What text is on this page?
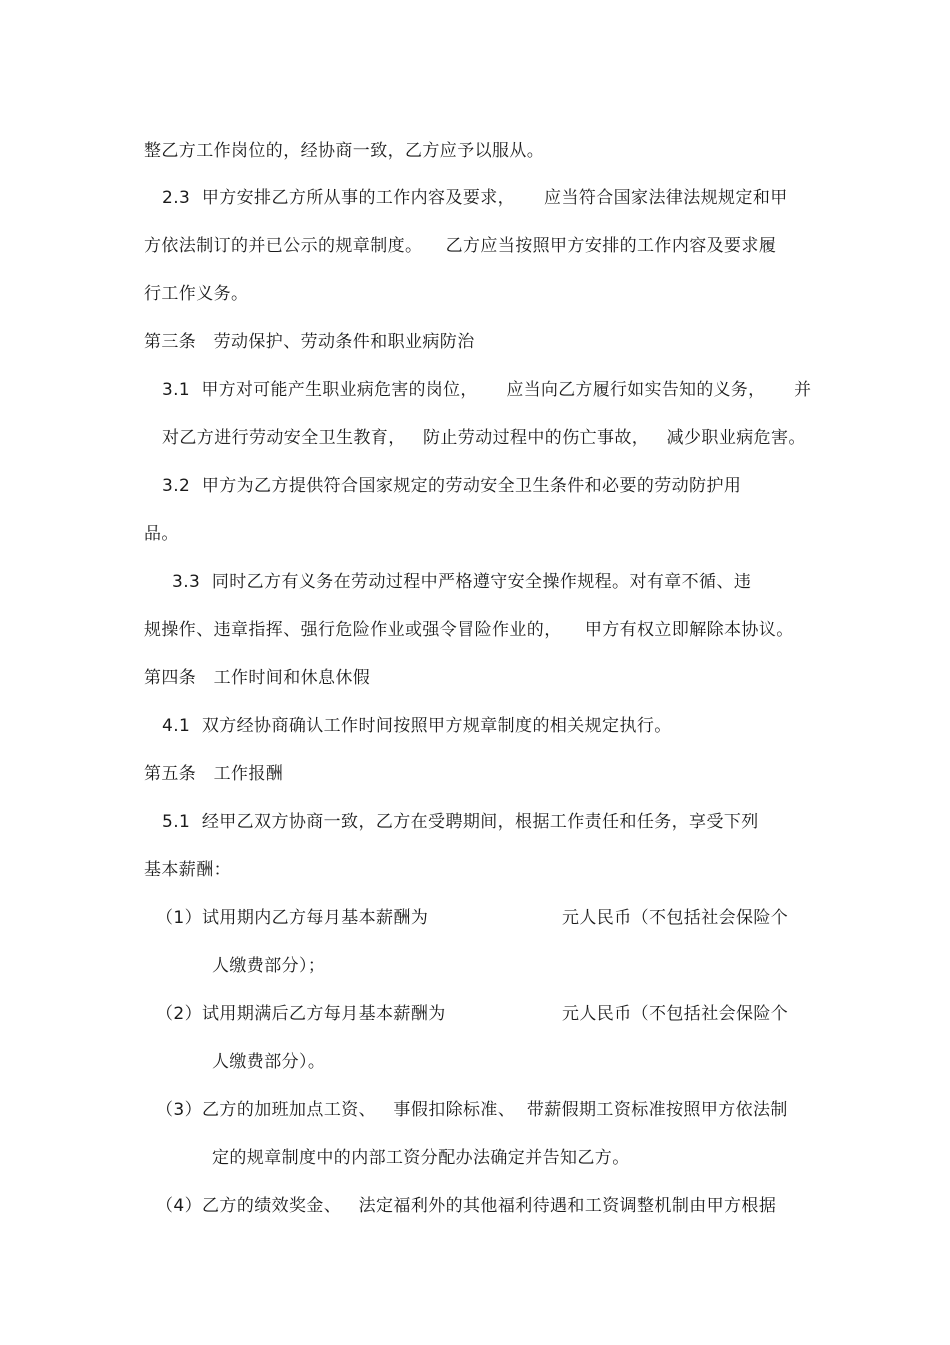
整乙方工作岗位的，经协商一致，乙方应予以服从。
2.3  甲方安排乙方所从事的工作内容及要求，     应当符合国家法律法规规定和甲
方依法制订的并已公示的规章制度。    乙方应当按照甲方安排的工作内容及要求履
行工作义务。
第三条   劳动保护、劳动条件和职业病防治
3.1  甲方对可能产生职业病危害的岗位，     应当向乙方履行如实告知的义务，     并
对乙方进行劳动安全卫生教育，   防止劳动过程中的伤亡事故，   减少职业病危害。
3.2  甲方为乙方提供符合国家规定的劳动安全卫生条件和必要的劳动防护用
品。
3.3  同时乙方有义务在劳动过程中严格遵守安全操作规程。对有章不循、违
规操作、违章指挥、强行危险作业或强令冒险作业的，    甲方有权立即解除本协议。
第四条   工作时间和休息休假
4.1  双方经协商确认工作时间按照甲方规章制度的相关规定执行。
第五条   工作报酬
5.1  经甲乙双方协商一致，乙方在受聘期间，根据工作责任和任务，享受下列
基本薪酬：
（1）试用期内乙方每月基本薪酬为	元人民币（不包括社会保险个
人缴费部分）；
（2）试用期满后乙方每月基本薪酬为	元人民币（不包括社会保险个
人缴费部分）。
（3）乙方的加班加点工资、   事假扣除标准、  带薪假期工资标准按照甲方依法制
定的规章制度中的内部工资分配办法确定并告知乙方。
（4）乙方的绩效奖金、   法定福利外的其他福利待遇和工资调整机制由甲方根据
